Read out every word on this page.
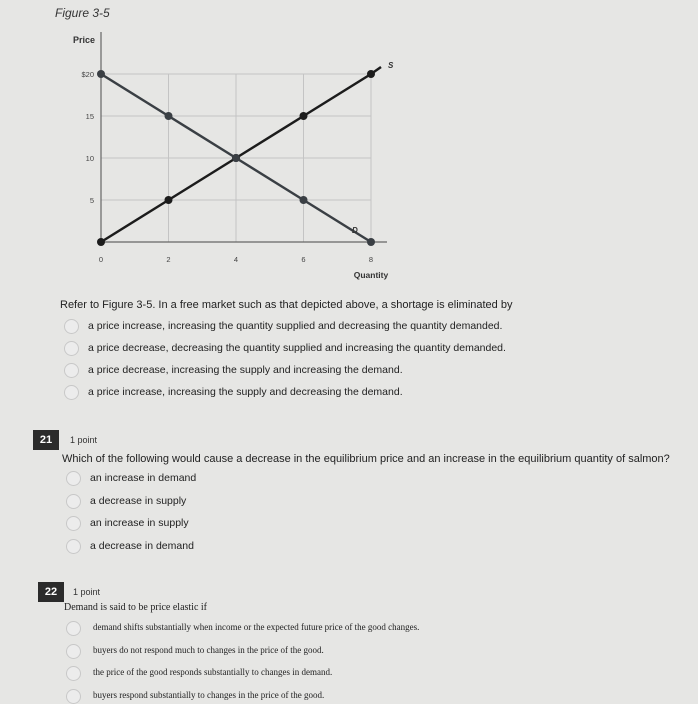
Figure 3-5
Price
Quantity
0	2	4	6	8
5
10
15
$20
S
D
Refer to Figure 3-5. In a free market such as that depicted above, a shortage is eliminated by
a price increase, increasing the quantity supplied and decreasing the quantity demanded.
a price decrease, decreasing the quantity supplied and increasing the quantity demanded.
a price decrease, increasing the supply and increasing the demand.
a price increase, increasing the supply and decreasing the demand.
21	1 point
Which of the following would cause a decrease in the equilibrium price and an increase in the equilibrium quantity of salmon?
an increase in demand
a decrease in supply
an increase in supply
a decrease in demand
22	1 point
Demand is said to be price elastic if
demand shifts substantially when income or the expected future price of the good changes.
buyers do not respond much to changes in the price of the good.
the price of the good responds substantially to changes in demand.
buyers respond substantially to changes in the price of the good.
